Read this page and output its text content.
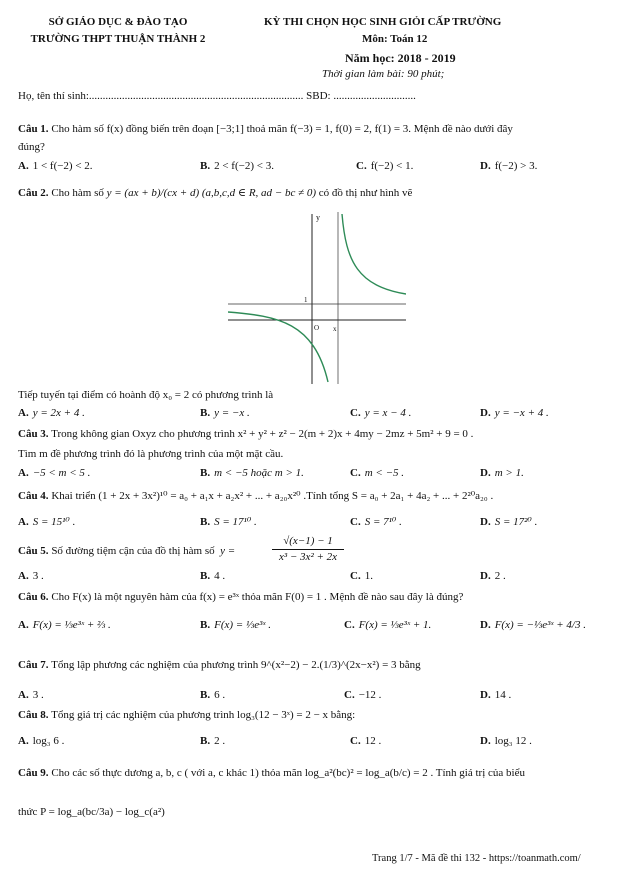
SỞ GIÁO DỤC & ĐÀO TẠO
TRƯỜNG THPT THUẬN THÀNH 2
KỲ THI CHỌN HỌC SINH GIỎI CẤP TRƯỜNG
Môn: Toán 12
Năm học: 2018 - 2019
Thời gian làm bài: 90 phút;
Họ, tên thí sinh:.............................................................................. SBD: ..............................
Câu 1. Cho hàm số f(x) đồng biến trên đoạn [−3;1] thoả mãn f(−3) = 1, f(0) = 2, f(1) = 3. Mệnh đề nào dưới đây
đúng?
A. 1 < f(−2) < 2.	B. 2 < f(−2) < 3.	C. f(−2) < 1.	D. f(−2) > 3.
Câu 2. Cho hàm số y = (ax + b)/(cx + d) (a,b,c,d ∈ R, ad − bc ≠ 0) có đồ thị như hình vẽ
y
1
O x
Tiếp tuyến tại điểm có hoành độ x₀ = 2 có phương trình là
A. y = 2x + 4 .	B. y = −x .	C. y = x − 4 .	D. y = −x + 4 .
Câu 3. Trong không gian Oxyz cho phương trình x² + y² + z² − 2(m + 2)x + 4my − 2mz + 5m² + 9 = 0 .
Tìm m đề phương trình đó là phương trình của một mặt cầu.
A. −5 < m < 5 .	B. m < −5 hoặc m > 1.	C. m < −5 .	D. m > 1.
Câu 4. Khai triển (1 + 2x + 3x²)¹⁰ = a₀ + a₁x + a₂x² + ... + a₂₀x²⁰ .Tính tổng S = a₀ + 2a₁ + 4a₂ + ... + 2²⁰a₂₀ .
A. S = 15¹⁰ .	B. S = 17¹⁰ .	C. S = 7¹⁰ .	D. S = 17²⁰ .
Câu 5. Số đường tiệm cận của đồ thị hàm số  y =
√(x−1) − 1
x³ − 3x² + 2x
A. 3 .	B. 4 .	C. 1.	D. 2 .
Câu 6. Cho F(x) là một nguyên hàm của f(x) = e³ˣ thỏa mãn F(0) = 1 . Mệnh đề nào sau đây là đúng?
A. F(x) = ⅓e³ˣ + ⅔ .	B. F(x) = ⅓e³ˣ .	C. F(x) = ⅓e³ˣ + 1.	D. F(x) = −⅓e³ˣ + 4/3 .
Câu 7. Tổng lập phương các nghiệm của phương trình 9^(x²−2) − 2.(1/3)^(2x−x²) = 3 bằng
A. 3 .	B. 6 .	C. −12 .	D. 14 .
Câu 8. Tổng giá trị các nghiệm của phương trình log₃(12 − 3ˣ) = 2 − x bằng:
A. log₃ 6 .	B. 2 .	C. 12 .	D. log₃ 12 .
Câu 9. Cho các số thực dương a, b, c ( với a, c khác 1) thỏa mãn log_a²(bc)² = log_a(b/c) = 2 . Tính giá trị của biểu
thức P = log_a(bc/3a) − log_c(a²)
Trang 1/7 - Mã đề thi 132 - https://toanmath.com/
